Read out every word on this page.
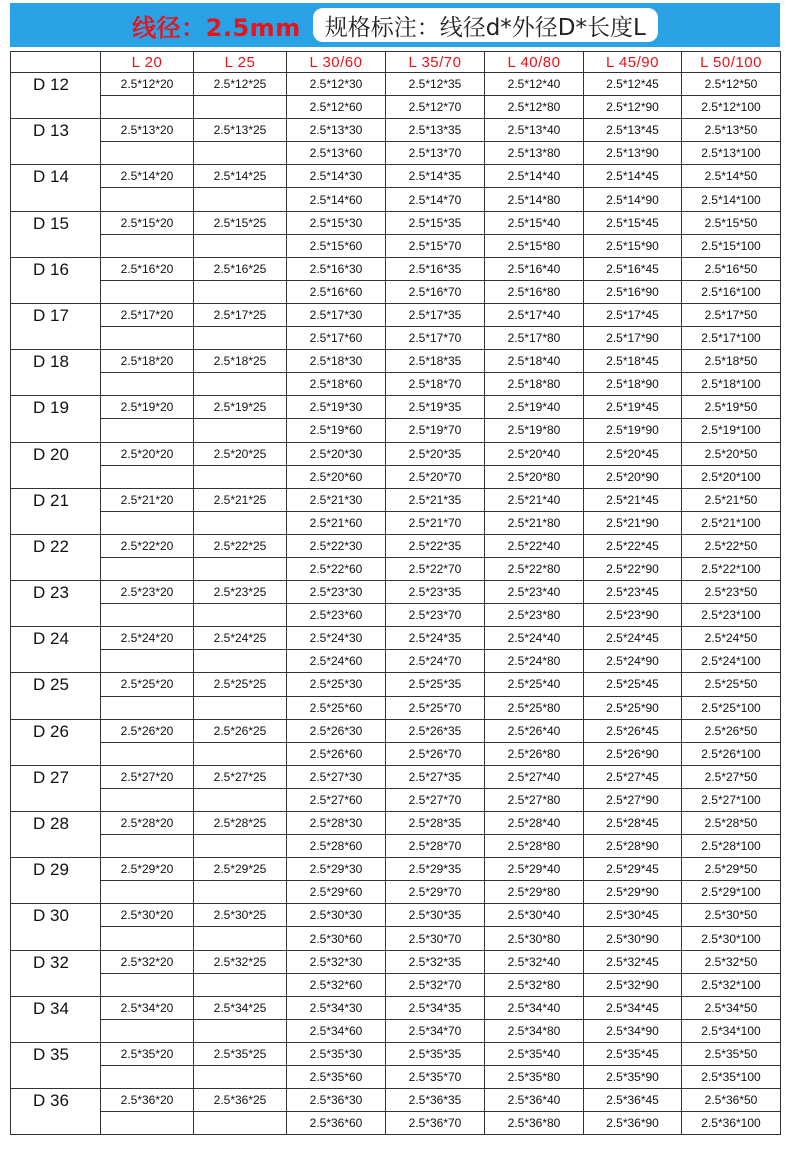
线径：2.5mm	规格标注：线径d*外径D*长度L
	L 20	L 25	L 30/60	L 35/70	L 40/80	L 45/90	L 50/100
D 12	2.5*12*20	2.5*12*25	2.5*12*30	2.5*12*35	2.5*12*40	2.5*12*45	2.5*12*50
			2.5*12*60	2.5*12*70	2.5*12*80	2.5*12*90	2.5*12*100
D 13	2.5*13*20	2.5*13*25	2.5*13*30	2.5*13*35	2.5*13*40	2.5*13*45	2.5*13*50
			2.5*13*60	2.5*13*70	2.5*13*80	2.5*13*90	2.5*13*100
D 14	2.5*14*20	2.5*14*25	2.5*14*30	2.5*14*35	2.5*14*40	2.5*14*45	2.5*14*50
			2.5*14*60	2.5*14*70	2.5*14*80	2.5*14*90	2.5*14*100
D 15	2.5*15*20	2.5*15*25	2.5*15*30	2.5*15*35	2.5*15*40	2.5*15*45	2.5*15*50
			2.5*15*60	2.5*15*70	2.5*15*80	2.5*15*90	2.5*15*100
D 16	2.5*16*20	2.5*16*25	2.5*16*30	2.5*16*35	2.5*16*40	2.5*16*45	2.5*16*50
			2.5*16*60	2.5*16*70	2.5*16*80	2.5*16*90	2.5*16*100
D 17	2.5*17*20	2.5*17*25	2.5*17*30	2.5*17*35	2.5*17*40	2.5*17*45	2.5*17*50
			2.5*17*60	2.5*17*70	2.5*17*80	2.5*17*90	2.5*17*100
D 18	2.5*18*20	2.5*18*25	2.5*18*30	2.5*18*35	2.5*18*40	2.5*18*45	2.5*18*50
			2.5*18*60	2.5*18*70	2.5*18*80	2.5*18*90	2.5*18*100
D 19	2.5*19*20	2.5*19*25	2.5*19*30	2.5*19*35	2.5*19*40	2.5*19*45	2.5*19*50
			2.5*19*60	2.5*19*70	2.5*19*80	2.5*19*90	2.5*19*100
D 20	2.5*20*20	2.5*20*25	2.5*20*30	2.5*20*35	2.5*20*40	2.5*20*45	2.5*20*50
			2.5*20*60	2.5*20*70	2.5*20*80	2.5*20*90	2.5*20*100
D 21	2.5*21*20	2.5*21*25	2.5*21*30	2.5*21*35	2.5*21*40	2.5*21*45	2.5*21*50
			2.5*21*60	2.5*21*70	2.5*21*80	2.5*21*90	2.5*21*100
D 22	2.5*22*20	2.5*22*25	2.5*22*30	2.5*22*35	2.5*22*40	2.5*22*45	2.5*22*50
			2.5*22*60	2.5*22*70	2.5*22*80	2.5*22*90	2.5*22*100
D 23	2.5*23*20	2.5*23*25	2.5*23*30	2.5*23*35	2.5*23*40	2.5*23*45	2.5*23*50
			2.5*23*60	2.5*23*70	2.5*23*80	2.5*23*90	2.5*23*100
D 24	2.5*24*20	2.5*24*25	2.5*24*30	2.5*24*35	2.5*24*40	2.5*24*45	2.5*24*50
			2.5*24*60	2.5*24*70	2.5*24*80	2.5*24*90	2.5*24*100
D 25	2.5*25*20	2.5*25*25	2.5*25*30	2.5*25*35	2.5*25*40	2.5*25*45	2.5*25*50
			2.5*25*60	2.5*25*70	2.5*25*80	2.5*25*90	2.5*25*100
D 26	2.5*26*20	2.5*26*25	2.5*26*30	2.5*26*35	2.5*26*40	2.5*26*45	2.5*26*50
			2.5*26*60	2.5*26*70	2.5*26*80	2.5*26*90	2.5*26*100
D 27	2.5*27*20	2.5*27*25	2.5*27*30	2.5*27*35	2.5*27*40	2.5*27*45	2.5*27*50
			2.5*27*60	2.5*27*70	2.5*27*80	2.5*27*90	2.5*27*100
D 28	2.5*28*20	2.5*28*25	2.5*28*30	2.5*28*35	2.5*28*40	2.5*28*45	2.5*28*50
			2.5*28*60	2.5*28*70	2.5*28*80	2.5*28*90	2.5*28*100
D 29	2.5*29*20	2.5*29*25	2.5*29*30	2.5*29*35	2.5*29*40	2.5*29*45	2.5*29*50
			2.5*29*60	2.5*29*70	2.5*29*80	2.5*29*90	2.5*29*100
D 30	2.5*30*20	2.5*30*25	2.5*30*30	2.5*30*35	2.5*30*40	2.5*30*45	2.5*30*50
			2.5*30*60	2.5*30*70	2.5*30*80	2.5*30*90	2.5*30*100
D 32	2.5*32*20	2.5*32*25	2.5*32*30	2.5*32*35	2.5*32*40	2.5*32*45	2.5*32*50
			2.5*32*60	2.5*32*70	2.5*32*80	2.5*32*90	2.5*32*100
D 34	2.5*34*20	2.5*34*25	2.5*34*30	2.5*34*35	2.5*34*40	2.5*34*45	2.5*34*50
			2.5*34*60	2.5*34*70	2.5*34*80	2.5*34*90	2.5*34*100
D 35	2.5*35*20	2.5*35*25	2.5*35*30	2.5*35*35	2.5*35*40	2.5*35*45	2.5*35*50
			2.5*35*60	2.5*35*70	2.5*35*80	2.5*35*90	2.5*35*100
D 36	2.5*36*20	2.5*36*25	2.5*36*30	2.5*36*35	2.5*36*40	2.5*36*45	2.5*36*50
			2.5*36*60	2.5*36*70	2.5*36*80	2.5*36*90	2.5*36*100
